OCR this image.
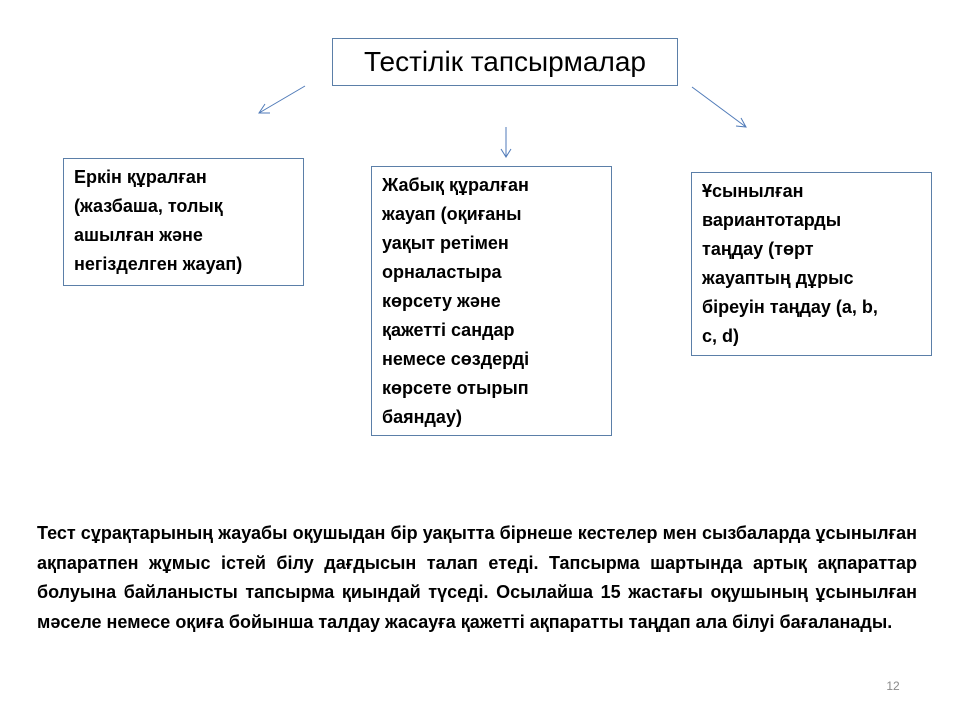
Тестілік тапсырмалар
Еркін құралған
(жазбаша, толық
ашылған және
негізделген жауап)
Жабық құралған
жауап (оқиғаны
уақыт ретімен
орналастыра
көрсету және
қажетті сандар
немесе сөздерді
көрсете отырып
баяндау)
Ұсынылған
вариантотарды
таңдау (төрт
жауаптың дұрыс
біреуін таңдау (a, b,
c, d)
Тест сұрақтарының жауабы оқушыдан бір уақытта бірнеше кестелер мен сызбаларда ұсынылған ақпаратпен жұмыс істей білу дағдысын талап етеді. Тапсырма шартында артық ақпараттар болуына байланысты тапсырма қиындай түседі. Осылайша 15 жастағы оқушының ұсынылған мәселе немесе оқиға бойынша талдау жасауға қажетті ақпаратты таңдап ала білуі бағаланады.
12
